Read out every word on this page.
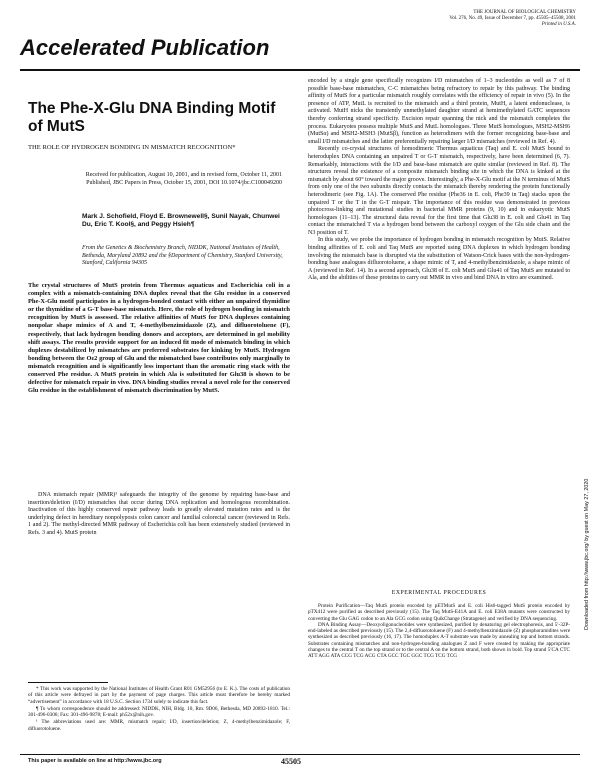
Accelerated Publication
THE JOURNAL OF BIOLOGICAL CHEMISTRY
Vol. 276, No. 49, Issue of December 7, pp. 45505–45508, 2001
Printed in U.S.A.
The Phe-X-Glu DNA Binding Motif of MutS
THE ROLE OF HYDROGEN BONDING IN MISMATCH RECOGNITION*
Received for publication, August 10, 2001, and in revised form, October 11, 2001
Published, JBC Papers in Press, October 15, 2001, DOI 10.1074/jbc.C100049200
Mark J. Schofield, Floyd E. Brownewell§, Sunil Nayak, Chunwei Du, Eric T. Kool§, and Peggy Hsieh¶
From the Genetics & Biochemistry Branch, NIDDK, National Institutes of Health, Bethesda, Maryland 20892 and the §Department of Chemistry, Stanford University, Stanford, California 94305
The crystal structures of MutS protein from Thermus aquaticus and Escherichia coli in a complex with a mismatch-containing DNA duplex reveal that the Glu residue in a conserved Phe-X-Glu motif participates in a hydrogen-bonded contact with either an unpaired thymidine or the thymidine of a G-T base-base mismatch. Here, the role of hydrogen bonding in mismatch recognition by MutS is assessed. The relative affinities of MutS for DNA duplexes containing nonpolar shape mimics of A and T, 4-methylbenzimidazole (Z), and difluorotoluene (F), respectively, that lack hydrogen bonding donors and acceptors, are determined in gel mobility shift assays. The results provide support for an induced fit mode of mismatch binding in which duplexes destabilized by mismatches are preferred substrates for kinking by MutS. Hydrogen bonding between the Oε2 group of Glu and the mismatched base contributes only marginally to mismatch recognition and is significantly less important than the aromatic ring stack with the conserved Phe residue. A MutS protein in which Ala is substituted for Glu38 is shown to be defective for mismatch repair in vivo. DNA binding studies reveal a novel role for the conserved Glu residue in the establishment of mismatch discrimination by MutS.

DNA mismatch repair (MMR)¹ safeguards the integrity of the genome by repairing base-base and insertion/deletion (I/D) mismatches that occur during DNA replication and homologous recombination. Inactivation of this highly conserved repair pathway leads to greatly elevated mutation rates and is the underlying defect in hereditary nonpolyposis colon cancer and familial colorectal cancer (reviewed in Refs. 1 and 2). The methyl-directed MMR pathway of Escherichia coli has been extensively studied (reviewed in Refs. 3 and 4). MutS protein

* This work was supported by the National Institutes of Health Grant R01 GM52956 (to E. K.). The costs of publication of this article were defrayed in part by the payment of page charges. This article must therefore be hereby marked “advertisement” in accordance with 18 U.S.C. Section 1734 solely to indicate this fact.

¶ To whom correspondence should be addressed: NIDDK, NIH, Bldg. 10, Rm. 9D06, Bethesda, MD 20892-1810. Tel.: 301-496-0306; Fax: 301-496-9878; E-mail: ph52x@nih.gov.

¹ The abbreviations used are: MMR, mismatch repair; I/D, insertion/deletion; Z, 4-methylbenzimidazole; F, difluorotoluene.

This paper is available on line at http://www.jbc.org	45505

encoded by a single gene specifically recognizes I/D mismatches of 1–3 nucleotides as well as 7 of 8 possible base-base mismatches, C-C mismatches being refractory to repair by this pathway. The binding affinity of MutS for a particular mismatch roughly correlates with the efficiency of repair in vivo (5). In the presence of ATP, MutL is recruited to the mismatch and a third protein, MutH, a latent endonuclease, is activated. MutH nicks the transiently unmethylated daughter strand at hemimethylated GATC sequences thereby conferring strand specificity. Excision repair spanning the nick and the mismatch completes the process. Eukaryotes possess multiple MutS and MutL homologues. Three MutS homologues, MSH2-MSH6 (MutSα) and MSH2-MSH3 (MutSβ), function as heterodimers with the former recognizing base-base and small I/D mismatches and the latter preferentially repairing larger I/D mismatches (reviewed in Ref. 4).

Recently co-crystal structures of homodimeric Thermus aquaticus (Taq) and E. coli MutS bound to heteroduplex DNA containing an unpaired T or G-T mismatch, respectively, have been determined (6, 7). Remarkably, interactions with the I/D and base-base mismatch are quite similar (reviewed in Ref. 8). The structures reveal the existence of a composite mismatch binding site in which the DNA is kinked at the mismatch by about 60° toward the major groove. Interestingly, a Phe-X-Glu motif at the N terminus of MutS from only one of the two subunits directly contacts the mismatch thereby rendering the protein functionally heterodimeric (see Fig. 1A). The conserved Phe residue (Phe36 in E. coli, Phe39 in Taq) stacks upon the unpaired T or the T in the G-T mispair. The importance of this residue was demonstrated in previous photocross-linking and mutational studies in bacterial MMR proteins (9, 10) and in eukaryotic MutS homologues (11–13). The structural data reveal for the first time that Glu38 in E. coli and Glu41 in Taq contact the mismatched T via a hydrogen bond between the carboxyl oxygen of the Glu side chain and the N3 position of T.

In this study, we probe the importance of hydrogen bonding in mismatch recognition by MutS. Relative binding affinities of E. coli and Taq MutS are reported using DNA duplexes in which hydrogen bonding involving the mismatch base is disrupted via the substitution of Watson-Crick bases with the non-hydrogen-bonding base analogues difluorotoluene, a shape mimic of T, and 4-methylbenzimidazole, a shape mimic of A (reviewed in Ref. 14). In a second approach, Glu38 of E. coli MutS and Glu41 of Taq MutS are mutated to Ala, and the abilities of these proteins to carry out MMR in vivo and bind DNA in vitro are examined.

EXPERIMENTAL PROCEDURES

Protein Purification—Taq MutS protein encoded by pETMutS and E. coli His6-tagged MutS protein encoded by pTX412 were purified as described previously (15). The Taq MutS-E41A and E. coli E38A mutants were constructed by converting the Glu GAG codon to an Ala GCG codon using QuikChange (Stratagene) and verified by DNA sequencing.

DNA Binding Assay—Deoxyoligonucleotides were synthesized, purified by denaturing gel electrophoresis, and 5′-32P-end-labeled as described previously (15). The 2,4-difluorotoluene (F) and 4-methylbenzimidazole (Z) phosphoramidites were synthesized as described previously (16, 17). The homoduplex A-T substrate was made by annealing top and bottom strands. Substrates containing mismatches and non-hydrogen-bonding analogues Z and F were created by making the appropriate changes to the central T on the top strand or to the central A on the bottom strand, both shown in bold. Top strand 5′CA CTC ATT AGG ATA CCG TCG ACG CTA GCC TGC GGC TCG TCG TCG

Downloaded from http://www.jbc.org/ by guest on May 27, 2020
